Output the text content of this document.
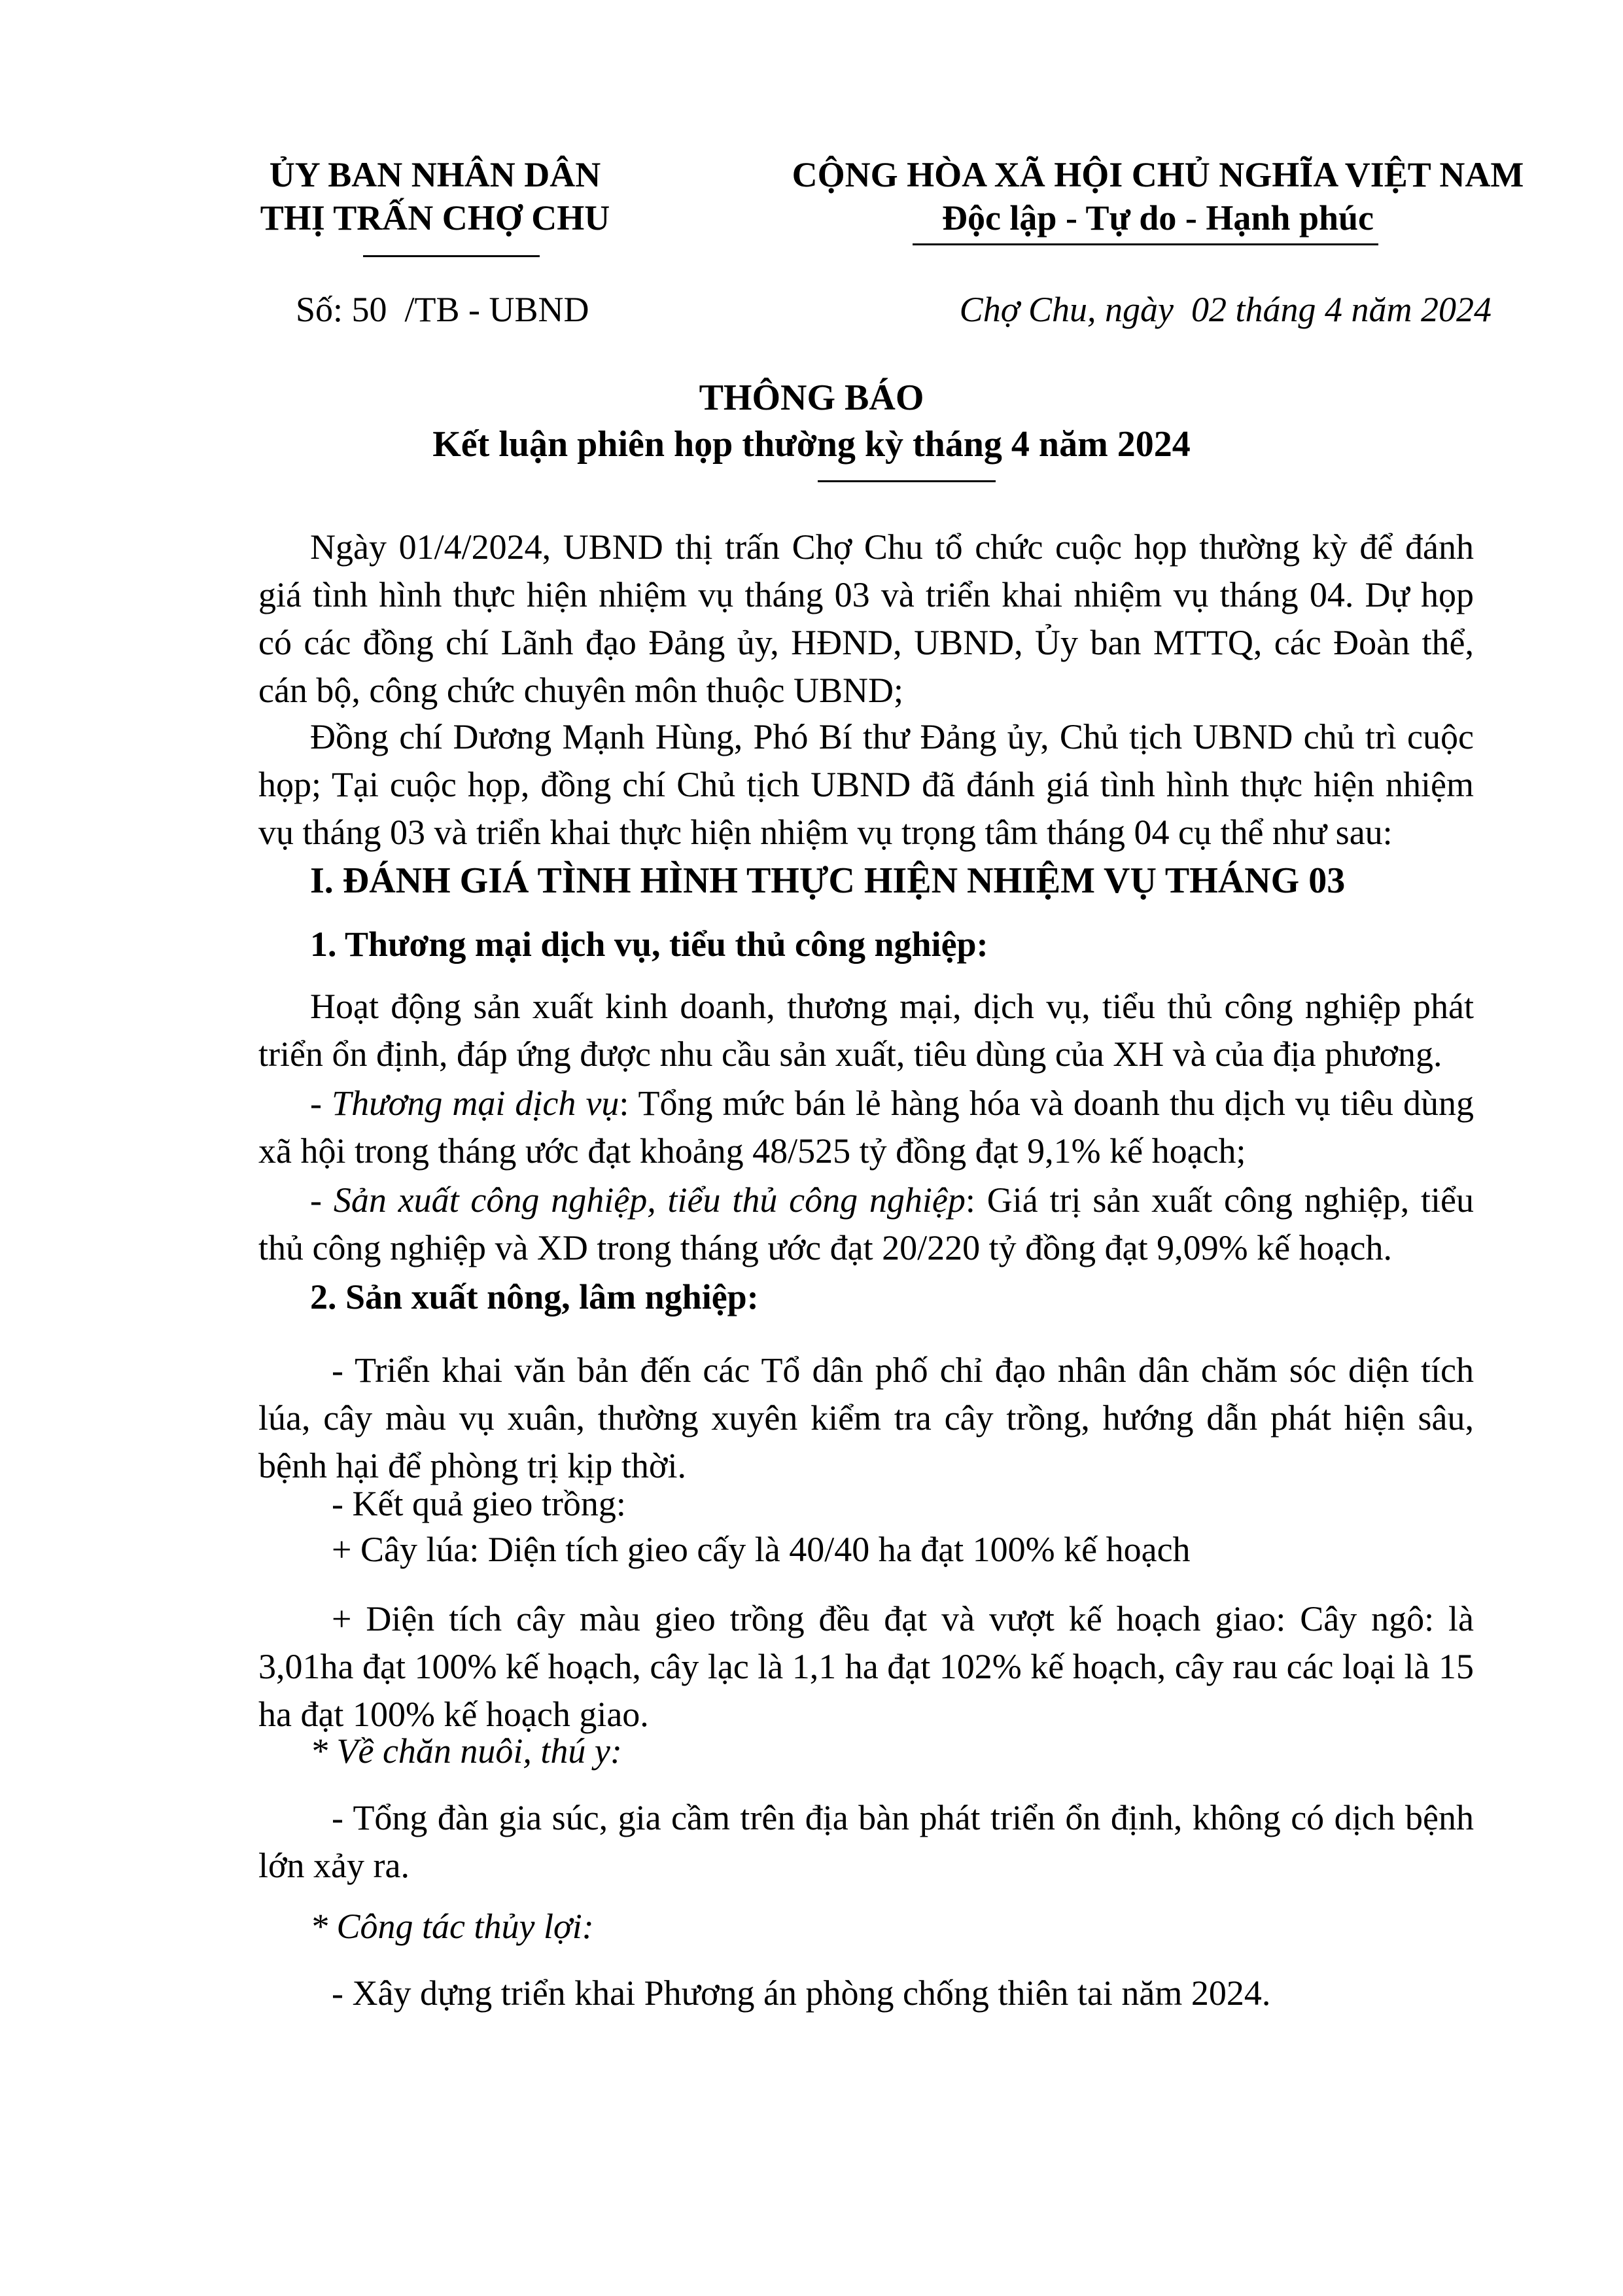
ỦY BAN NHÂN DÂN
THỊ TRẤN CHỢ CHU
CỘNG HÒA XÃ HỘI CHỦ NGHĨA VIỆT NAM
Độc lập - Tự do - Hạnh phúc
Số: 50  /TB - UBND	Chợ Chu, ngày  02 tháng 4 năm 2024
THÔNG BÁO
Kết luận phiên họp thường kỳ tháng 4 năm 2024
Ngày 01/4/2024, UBND thị trấn Chợ Chu tổ chức cuộc họp thường kỳ để đánh giá tình hình thực hiện nhiệm vụ tháng 03 và triển khai nhiệm vụ tháng 04. Dự họp có các đồng chí Lãnh đạo Đảng ủy, HĐND, UBND, Ủy ban MTTQ, các Đoàn thể, cán bộ, công chức chuyên môn thuộc UBND;
Đồng chí Dương Mạnh Hùng, Phó Bí thư Đảng ủy, Chủ tịch UBND chủ trì cuộc họp; Tại cuộc họp, đồng chí Chủ tịch UBND đã đánh giá tình hình thực hiện nhiệm vụ tháng 03 và triển khai thực hiện nhiệm vụ trọng tâm tháng 04 cụ thể như sau:
I. ĐÁNH GIÁ TÌNH HÌNH THỰC HIỆN NHIỆM VỤ THÁNG 03
1. Thương mại dịch vụ, tiểu thủ công nghiệp:
Hoạt động sản xuất kinh doanh, thương mại, dịch vụ, tiểu thủ công nghiệp phát triển ổn định, đáp ứng được nhu cầu sản xuất, tiêu dùng của XH và của địa phương.
- Thương mại dịch vụ: Tổng mức bán lẻ hàng hóa và doanh thu dịch vụ tiêu dùng xã hội trong tháng ước đạt khoảng 48/525 tỷ đồng đạt 9,1% kế hoạch;
- Sản xuất công nghiệp, tiểu thủ công nghiệp: Giá trị sản xuất công nghiệp, tiểu thủ công nghiệp và XD trong tháng ước đạt 20/220 tỷ đồng đạt 9,09% kế hoạch.
2. Sản xuất nông, lâm nghiệp:
- Triển khai văn bản đến các Tổ dân phố chỉ đạo nhân dân chăm sóc diện tích lúa, cây màu vụ xuân, thường xuyên kiểm tra cây trồng, hướng dẫn phát hiện sâu, bệnh hại để phòng trị kịp thời.
- Kết quả gieo trồng:
+ Cây lúa: Diện tích gieo cấy là 40/40 ha đạt 100% kế hoạch
+ Diện tích cây màu gieo trồng đều đạt và vượt kế hoạch giao: Cây ngô: là 3,01ha đạt 100% kế hoạch, cây lạc là 1,1 ha đạt 102% kế hoạch, cây rau các loại là 15 ha đạt 100% kế hoạch giao.
* Về chăn nuôi, thú y:
- Tổng đàn gia súc, gia cầm trên địa bàn phát triển ổn định, không có dịch bệnh lớn xảy ra.
* Công tác thủy lợi:
- Xây dựng triển khai Phương án phòng chống thiên tai năm 2024.
